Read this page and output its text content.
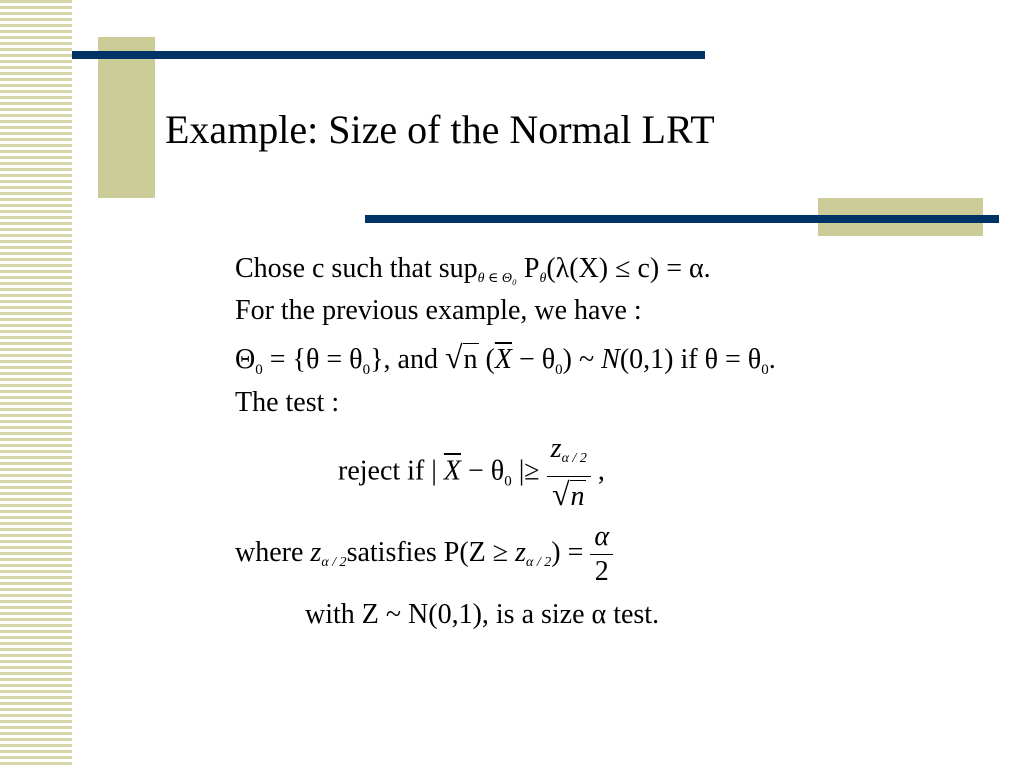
Example: Size of the Normal LRT
Chose c such that supθ ∈ Θ₀ Pθ(λ(X) ≤ c) = α.
For the previous example, we have :
$\Theta_0 = \{\theta = \theta_0\}$, and √n $(\overline{X} - \theta_0)$ ~ N(0,1) if $\theta = \theta_0$.
The test :
reject if | $\overline{X} - \theta_0$ |≥ $\frac{z\alpha / 2}{√n}$ ,
where zα / 2satisfies $P(Z \ge z\alpha / 2) = \frac{\alpha}{2}$
with Z ~ N(0,1), is a size α test.
